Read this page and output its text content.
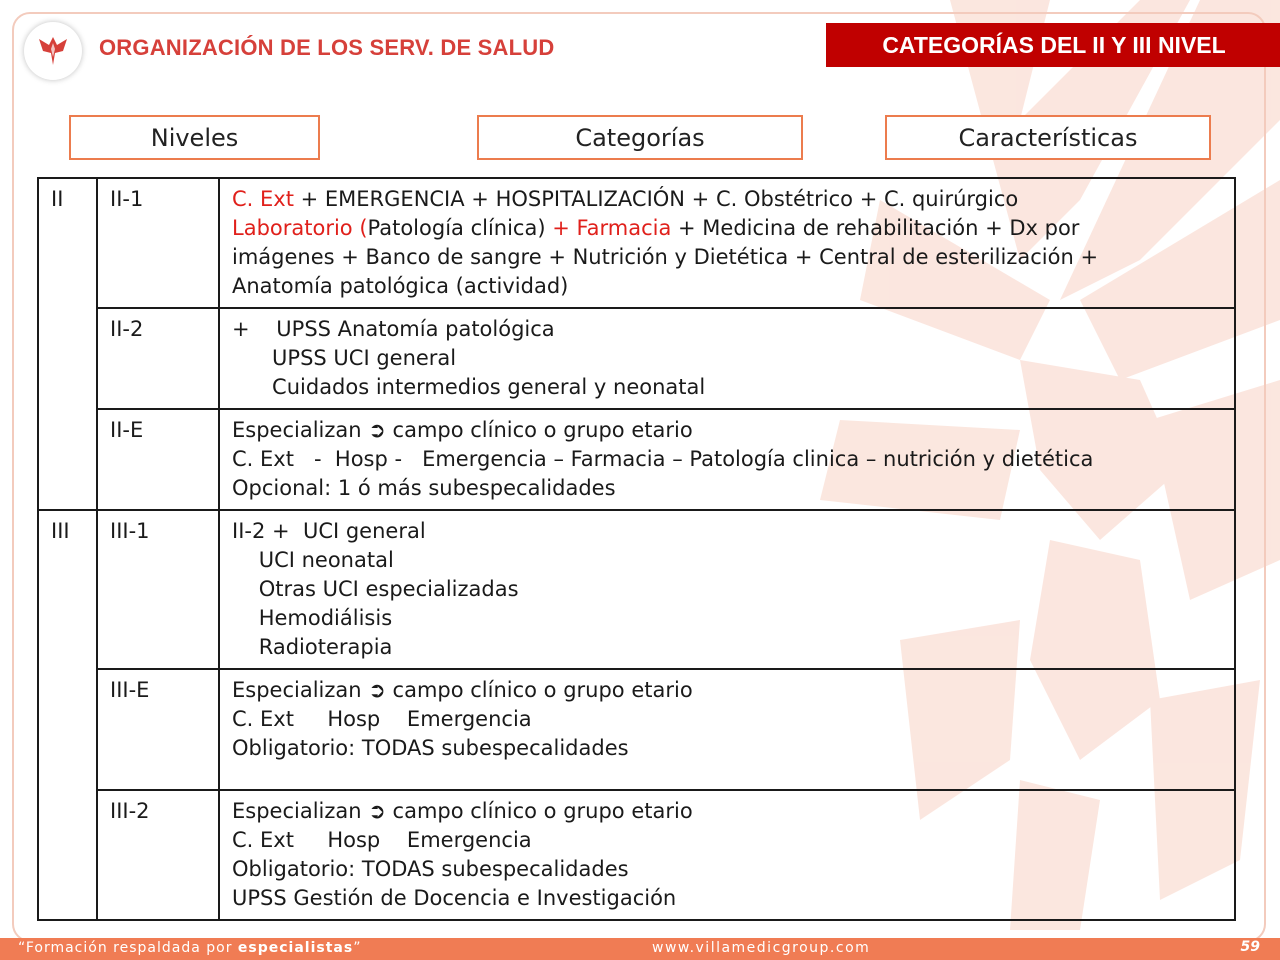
ORGANIZACIÓN DE LOS SERV. DE SALUD	CATEGORÍAS DEL II Y III NIVEL
Niveles	Categorías	Características
II	II-1	C. Ext + EMERGENCIA + HOSPITALIZACIÓN + C. Obstétrico + C. quirúrgico
Laboratorio (Patología clínica) + Farmacia + Medicina de rehabilitación + Dx por
imágenes + Banco de sangre + Nutrición y Dietética + Central de esterilización +
Anatomía patológica (actividad)

	II-2	+    UPSS Anatomía patológica
UPSS UCI general
Cuidados intermedios general y neonatal

	II-E	Especializan ➲ campo clínico o grupo etario
C. Ext   -  Hosp -   Emergencia – Farmacia – Patología clinica – nutrición y dietética
Opcional: 1 ó más subespecalidades

III	III-1	II-2 +  UCI general
UCI neonatal
Otras UCI especializadas
Hemodiálisis
Radioterapia

	III-E	Especializan ➲ campo clínico o grupo etario
C. Ext     Hosp    Emergencia
Obligatorio: TODAS subespecalidades

	III-2	Especializan ➲ campo clínico o grupo etario
C. Ext     Hosp    Emergencia
Obligatorio: TODAS subespecalidades
UPSS Gestión de Docencia e Investigación
“Formación respaldada por especialistas”	www.villamedicgroup.com	59
